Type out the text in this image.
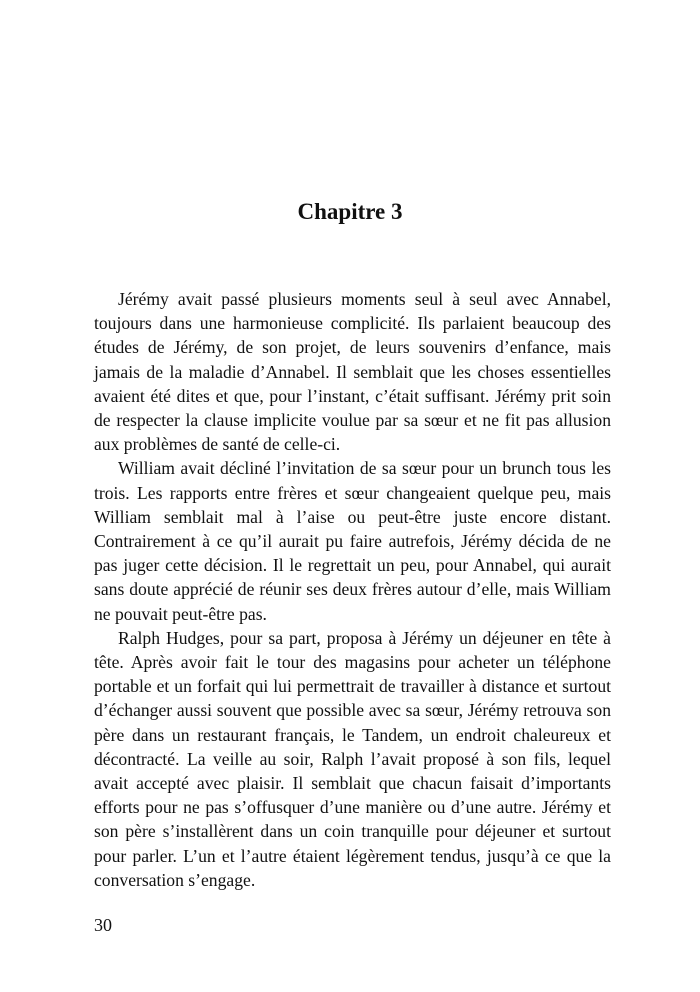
Chapitre 3

Jérémy avait passé plusieurs moments seul à seul avec Annabel, toujours dans une harmonieuse complicité. Ils parlaient beaucoup des études de Jérémy, de son projet, de leurs souvenirs d’enfance, mais jamais de la maladie d’Annabel. Il semblait que les choses essentielles avaient été dites et que, pour l’instant, c’était suffisant. Jérémy prit soin de respecter la clause implicite voulue par sa sœur et ne fit pas allusion aux problèmes de santé de celle-ci.

William avait décliné l’invitation de sa sœur pour un brunch tous les trois. Les rapports entre frères et sœur changeaient quelque peu, mais William semblait mal à l’aise ou peut-être juste encore distant. Contrairement à ce qu’il aurait pu faire autrefois, Jérémy décida de ne pas juger cette décision. Il le regrettait un peu, pour Annabel, qui aurait sans doute apprécié de réunir ses deux frères autour d’elle, mais William ne pouvait peut-être pas.

Ralph Hudges, pour sa part, proposa à Jérémy un déjeuner en tête à tête. Après avoir fait le tour des magasins pour acheter un téléphone portable et un forfait qui lui permettrait de travailler à distance et surtout d’échanger aussi souvent que possible avec sa sœur, Jérémy retrouva son père dans un restaurant français, le Tandem, un endroit chaleureux et décontracté. La veille au soir, Ralph l’avait proposé à son fils, lequel avait accepté avec plaisir. Il semblait que chacun faisait d’importants efforts pour ne pas s’offusquer d’une manière ou d’une autre. Jérémy et son père s’installèrent dans un coin tranquille pour déjeuner et surtout pour parler. L’un et l’autre étaient légèrement tendus, jusqu’à ce que la conversation s’engage.

30
